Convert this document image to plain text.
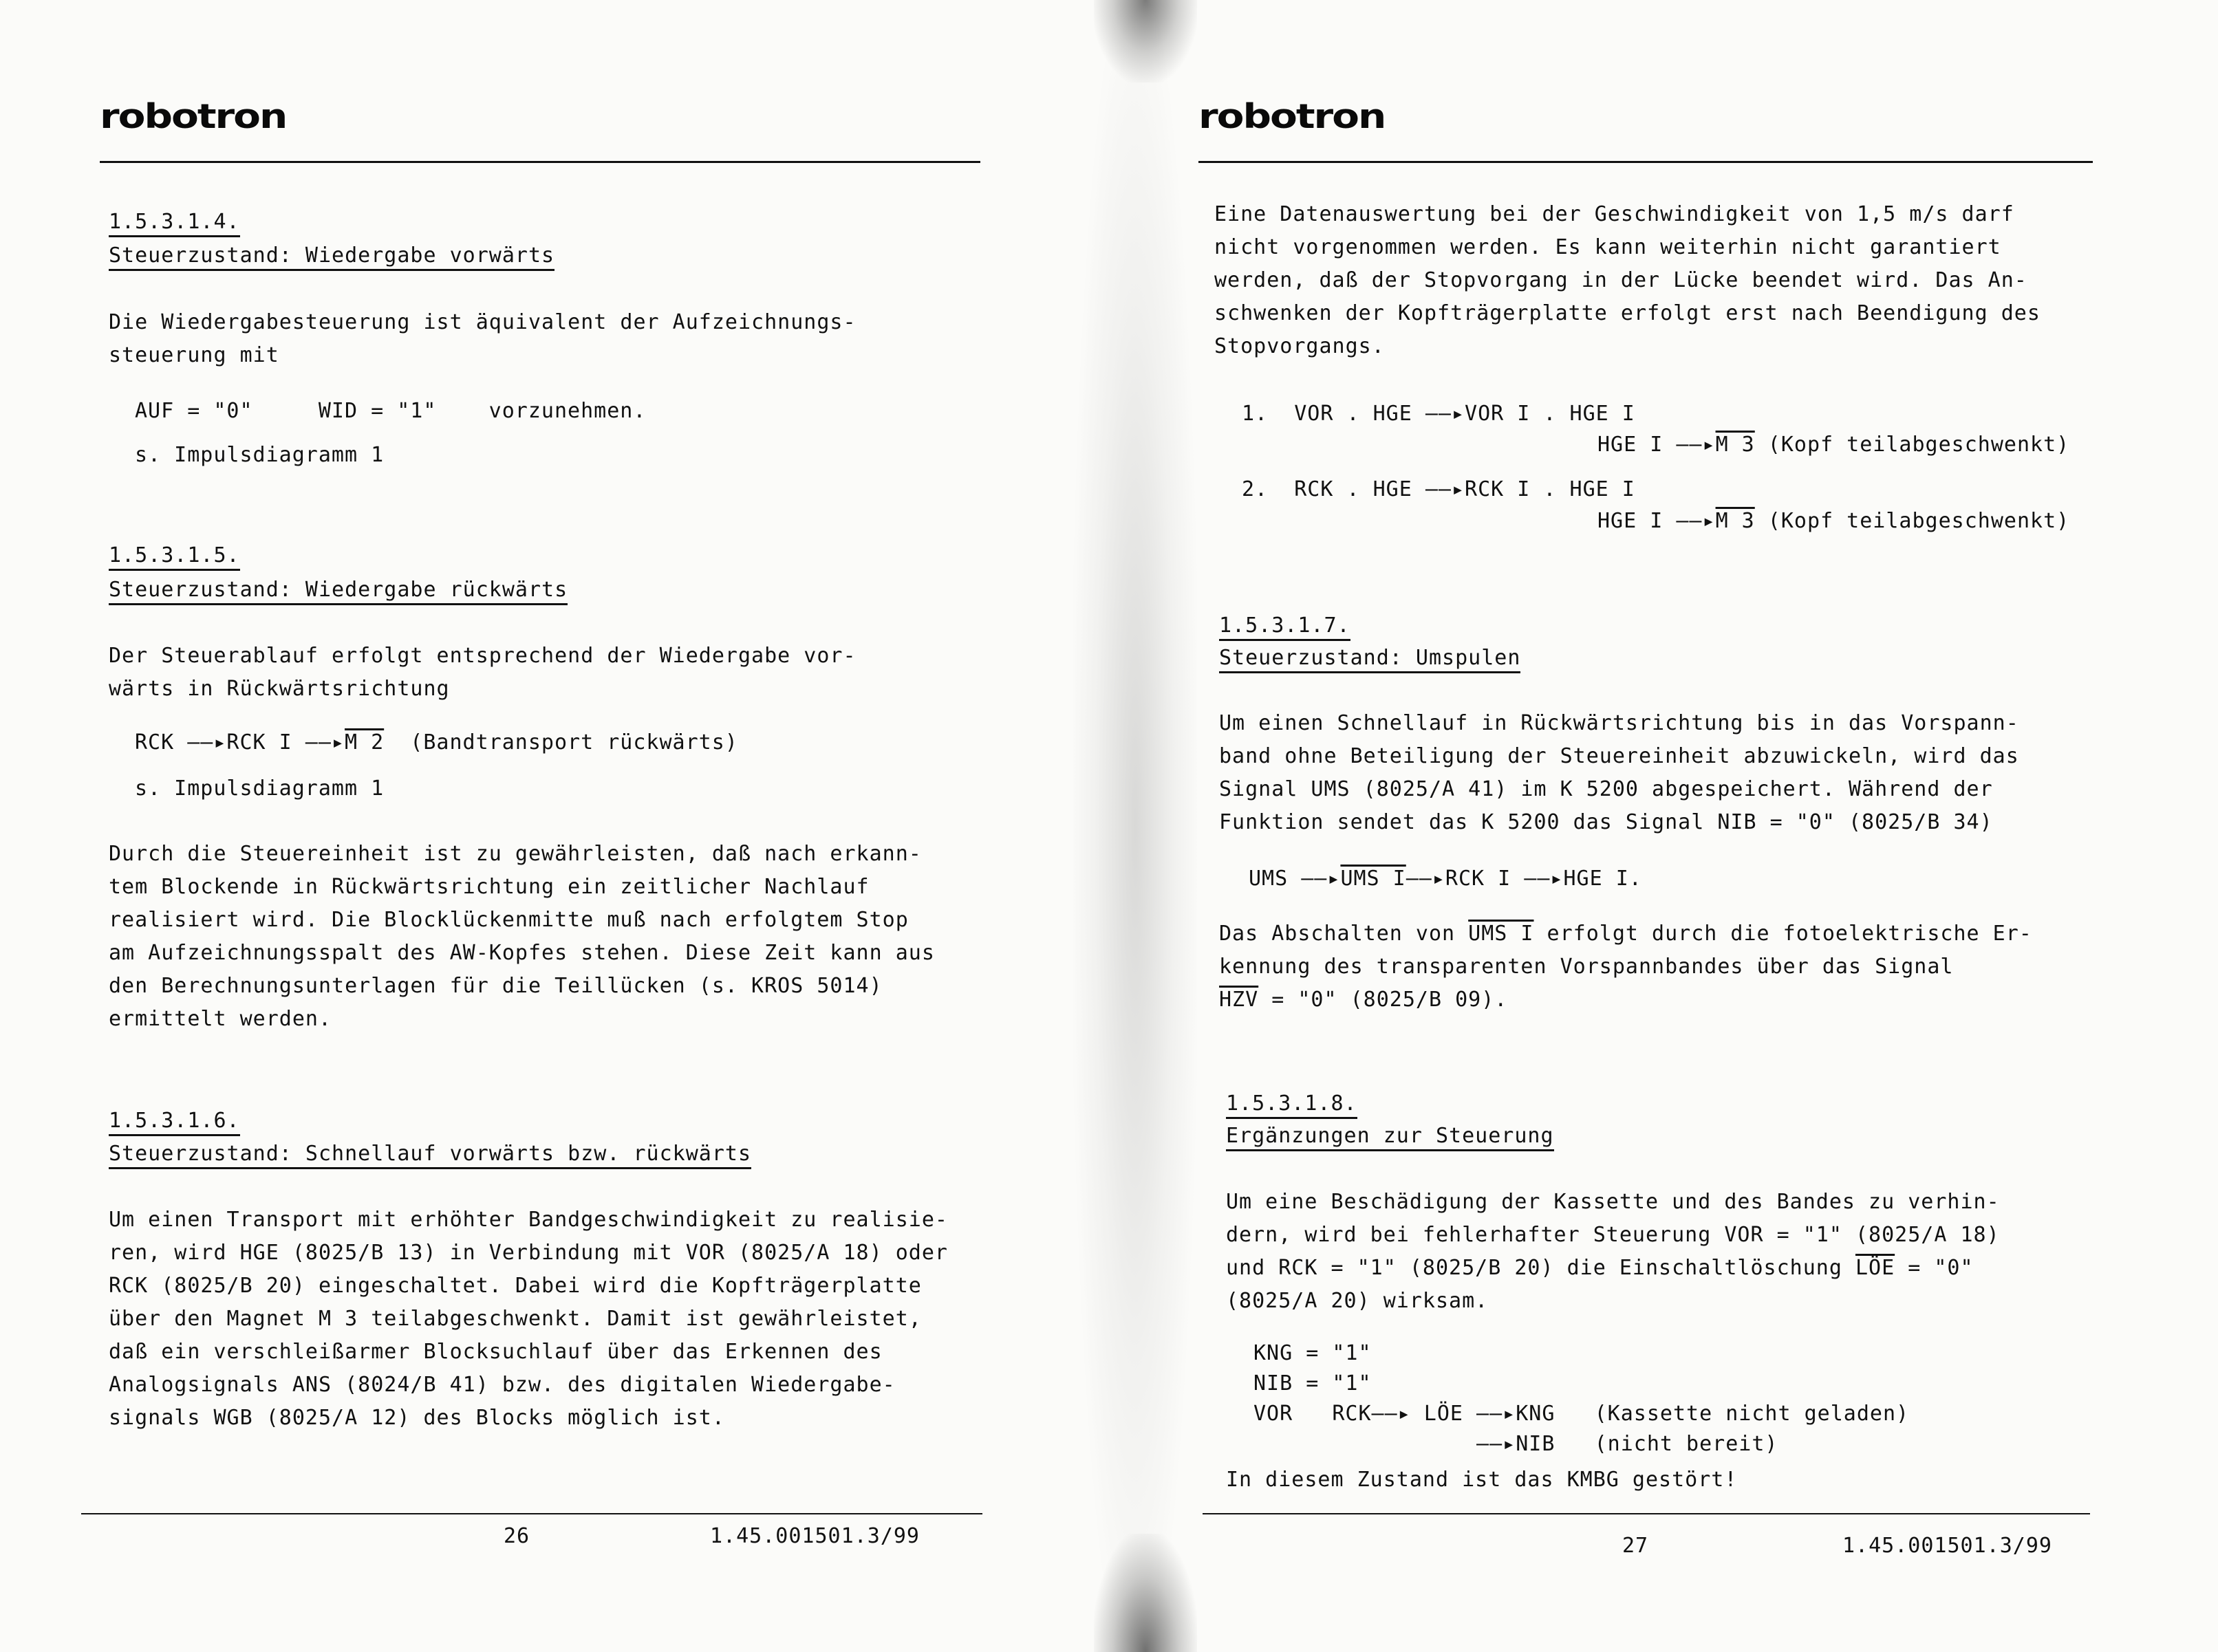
robotron
1.5.3.1.4.
Steuerzustand: Wiedergabe vorwärts
Die Wiedergabesteuerung ist äquivalent der Aufzeichnungs-
steuerung mit
AUF = "0"     WID = "1"    vorzunehmen.
s. Impulsdiagramm 1
1.5.3.1.5.
Steuerzustand: Wiedergabe rückwärts
Der Steuerablauf erfolgt entsprechend der Wiedergabe vor-
wärts in Rückwärtsrichtung
RCK ——▸RCK I ——▸M 2  (Bandtransport rückwärts)
s. Impulsdiagramm 1
Durch die Steuereinheit ist zu gewährleisten, daß nach erkann-
tem Blockende in Rückwärtsrichtung ein zeitlicher Nachlauf
realisiert wird. Die Blocklückenmitte muß nach erfolgtem Stop
am Aufzeichnungsspalt des AW-Kopfes stehen. Diese Zeit kann aus
den Berechnungsunterlagen für die Teillücken (s. KROS 5014)
ermittelt werden.
1.5.3.1.6.
Steuerzustand: Schnellauf vorwärts bzw. rückwärts
Um einen Transport mit erhöhter Bandgeschwindigkeit zu realisie-
ren, wird HGE (8025/B 13) in Verbindung mit VOR (8025/A 18) oder
RCK (8025/B 20) eingeschaltet. Dabei wird die Kopfträgerplatte
über den Magnet M 3 teilabgeschwenkt. Damit ist gewährleistet,
daß ein verschleißarmer Blocksuchlauf über das Erkennen des
Analogsignals ANS (8024/B 41) bzw. des digitalen Wiedergabe-
signals WGB (8025/A 12) des Blocks möglich ist.
26	1.45.001501.3/99
robotron
Eine Datenauswertung bei der Geschwindigkeit von 1,5 m/s darf
nicht vorgenommen werden. Es kann weiterhin nicht garantiert
werden, daß der Stopvorgang in der Lücke beendet wird. Das An-
schwenken der Kopfträgerplatte erfolgt erst nach Beendigung des
Stopvorgangs.
1.  VOR . HGE ——▸VOR I . HGE I
HGE I ——▸M 3 (Kopf teilabgeschwenkt)
2.  RCK . HGE ——▸RCK I . HGE I
HGE I ——▸M 3 (Kopf teilabgeschwenkt)
1.5.3.1.7.
Steuerzustand: Umspulen
Um einen Schnellauf in Rückwärtsrichtung bis in das Vorspann-
band ohne Beteiligung der Steuereinheit abzuwickeln, wird das
Signal UMS (8025/A 41) im K 5200 abgespeichert. Während der
Funktion sendet das K 5200 das Signal NIB = "0" (8025/B 34)
UMS ——▸UMS I——▸RCK I ——▸HGE I.
Das Abschalten von UMS I erfolgt durch die fotoelektrische Er-
kennung des transparenten Vorspannbandes über das Signal
$\overline{HZV}$ = "0" (8025/B 09).
1.5.3.1.8.
Ergänzungen zur Steuerung
Um eine Beschädigung der Kassette und des Bandes zu verhin-
dern, wird bei fehlerhafter Steuerung VOR = "1" (8025/A 18)
und RCK = "1" (8025/B 20) die Einschaltlöschung $\overline{LÖE}$ = "0"
(8025/A 20) wirksam.
KNG = "1"
NIB = "1"
VOR   RCK——▸ LÖE ——▸KNG   (Kassette nicht geladen)
——▸NIB   (nicht bereit)
In diesem Zustand ist das KMBG gestört!
27	1.45.001501.3/99
